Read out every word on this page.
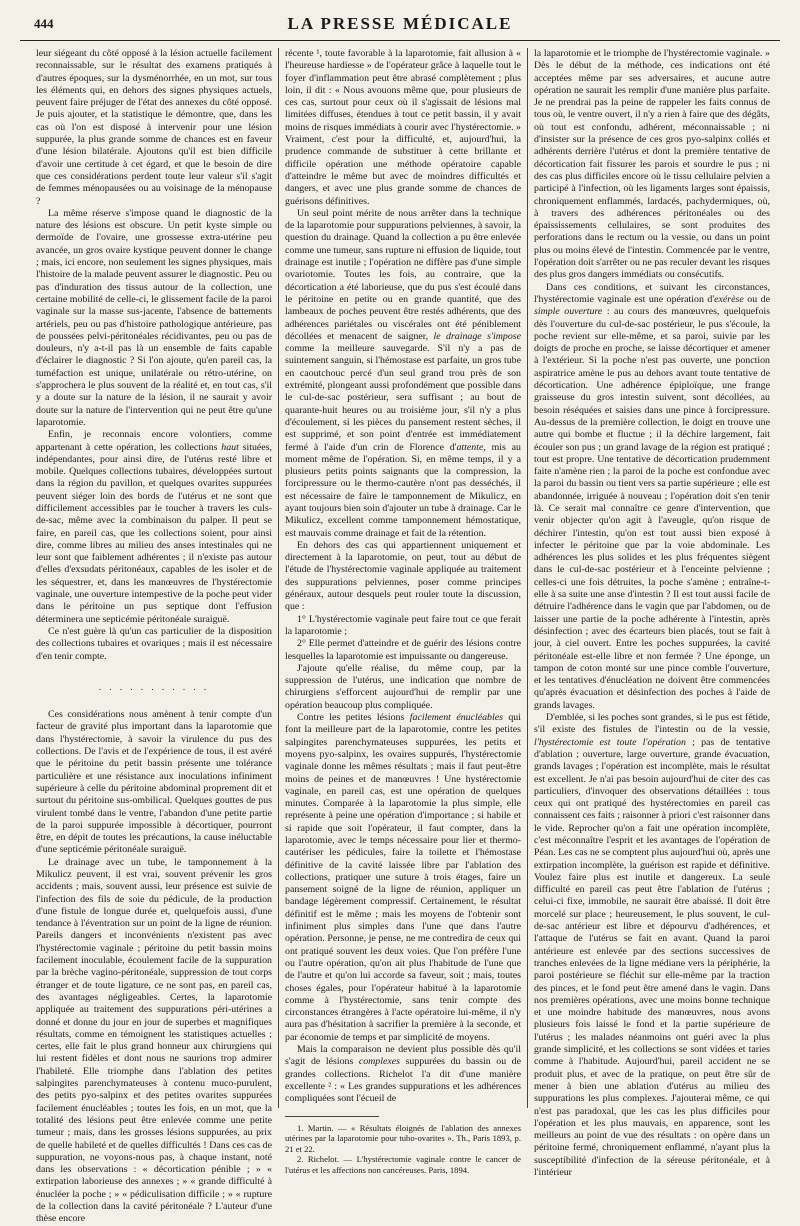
444	LA PRESSE MÉDICALE

leur siégeant du côté opposé à la lésion actuelle facilement reconnaissable, sur le résultat des examens pratiqués à d'autres époques, sur la dysménorrhée, en un mot, sur tous les éléments qui, en dehors des signes physiques actuels, peuvent faire préjuger de l'état des annexes du côté opposé. Je puis ajouter, et la statistique le démontre, que, dans les cas où l'on est disposé à intervenir pour une lésion suppurée, la plus grande somme de chances est en faveur d'une lésion bilatérale. Ajoutons qu'il est bien difficile d'avoir une certitude à cet égard, et que le besoin de dire que ces considérations perdent toute leur valeur s'il s'agit de femmes ménopausées ou au voisinage de la ménopause ?

La même réserve s'impose quand le diagnostic de la nature des lésions est obscure. Un petit kyste simple ou dermoïde de l'ovaire, une grossesse extra-utérine peu avancée, un gros ovaire kystique peuvent donner le change ; mais, ici encore, non seulement les signes physiques, mais l'histoire de la malade peuvent assurer le diagnostic. Peu ou pas d'induration des tissus autour de la collection, une certaine mobilité de celle-ci, le glissement facile de la paroi vaginale sur la masse sus-jacente, l'absence de battements artériels, peu ou pas d'histoire pathologique antérieure, pas de poussées pelvi-péritonéales récidivantes, peu ou pas de douleurs, n'y a-t-il pas là un ensemble de faits capable d'éclairer le diagnostic ? Si l'on ajoute, qu'en pareil cas, la tuméfaction est unique, unilatérale ou rétro-utérine, on s'approchera le plus souvent de la réalité et, en tout cas, s'il y a doute sur la nature de la lésion, il ne saurait y avoir doute sur la nature de l'intervention qui ne peut être qu'une laparotomie.

Enfin, je reconnais encore volontiers, comme appartenant à cette opération, les collections haut situées, indépendantes, pour ainsi dire, de l'utérus resté libre et mobile. Quelques collections tubaires, développées surtout dans la région du pavillon, et quelques ovarites suppurées peuvent siéger loin des bords de l'utérus et ne sont que difficilement accessibles par le toucher à travers les culs-de-sac, même avec la combinaison du palper. Il peut se faire, en pareil cas, que les collections soient, pour ainsi dire, comme libres au milieu des anses intestinales qui ne leur sont que faiblement adhérentes ; il n'existe pas autour d'elles d'exsudats péritonéaux, capables de les isoler et de les séquestrer, et, dans les manœuvres de l'hystérectomie vaginale, une ouverture intempestive de la poche peut vider dans le péritoine un pus septique dont l'effusion déterminera une septicémie péritonéale suraiguë.

Ce n'est guère là qu'un cas particulier de la disposition des collections tubaires et ovariques ; mais il est nécessaire d'en tenir compte.

. . . . . . . . . . .

Ces considérations nous amènent à tenir compte d'un facteur de gravité plus important dans la laparotomie que dans l'hystérectomie, à savoir la virulence du pus des collections. De l'avis et de l'expérience de tous, il est avéré que le péritoine du petit bassin présente une tolérance particulière et une résistance aux inoculations infiniment supérieure à celle du péritoine abdominal proprement dit et surtout du péritoine sus-ombilical. Quelques gouttes de pus virulent tombé dans le ventre, l'abandon d'une petite partie de la paroi suppurée impossible à décortiquer, pourront être, en dépit de toutes les précautions, la cause inéluctable d'une septicémie péritonéale suraiguë.

Le drainage avec un tube, le tamponnement à la Mikulicz peuvent, il est vrai, souvent prévenir les gros accidents ; mais, souvent aussi, leur présence est suivie de l'infection des fils de soie du pédicule, de la production d'une fistule de longue durée et, quelquefois aussi, d'une tendance à l'éventration sur un point de la ligne de réunion. Pareils dangers et inconvénients n'existent pas avec l'hystérectomie vaginale ; péritoine du petit bassin moins facilement inoculable, écoulement facile de la suppuration par la brèche vagino-péritonéale, suppression de tout corps étranger et de toute ligature, ce ne sont pas, en pareil cas, des avantages négligeables. Certes, la laparotomie appliquée au traitement des suppurations péri-utérines a donné et donne du jour en jour de superbes et magnifiques résultats, comme en témoignent les statistiques actuelles ; certes, elle fait le plus grand honneur aux chirurgiens qui lui restent fidèles et dont nous ne saurions trop admirer l'habileté. Elle triomphe dans l'ablation des petites salpingites parenchymateuses à contenu muco-purulent, des petits pyo-salpinx et des petites ovarites suppurées facilement énucléables ; toutes les fois, en un mot, que la totalité des lésions peut être enlevée comme une petite tumeur ; mais, dans les grosses lésions suppurées, au prix de quelle habileté et de quelles difficultés ! Dans ces cas de suppuration, ne voyons-nous pas, à chaque instant, noté dans les observations : « décortication pénible ; » « extirpation laborieuse des annexes ; » « grande difficulté à énucléer la poche ; » « pédiculisation difficile ; » « rupture de la collection dans la cavité péritonéale ? L'auteur d'une thèse encore

récente ¹, toute favorable à la laparotomie, fait allusion à « l'heureuse hardiesse » de l'opérateur grâce à laquelle tout le foyer d'inflammation peut être abrasé complètement ; plus loin, il dit : « Nous avouons même que, pour plusieurs de ces cas, surtout pour ceux où il s'agissait de lésions mal limitées diffuses, étendues à tout ce petit bassin, il y avait moins de risques immédiats à courir avec l'hystérectomie. » Vraiment, c'est pour la difficulté, et, aujourd'hui, la prudence commande de substituer à cette brillante et difficile opération une méthode opératoire capable d'atteindre le même but avec de moindres difficultés et dangers, et avec une plus grande somme de chances de guérisons définitives.

Un seul point mérite de nous arrêter dans la technique de la laparotomie pour suppurations pelviennes, à savoir, la question du drainage. Quand la collection a pu être enlevée comme une tumeur, sans rupture ni effusion de liquide, tout drainage est inutile ; l'opération ne diffère pas d'une simple ovariotomie. Toutes les fois, au contraire, que la décortication a été laborieuse, que du pus s'est écoulé dans le péritoine en petite ou en grande quantité, que des lambeaux de poches peuvent être restés adhérents, que des adhérences pariétales ou viscérales ont été péniblement décollées et menacent de saigner, le drainage s'impose comme la meilleure sauvegarde. S'il n'y a pas de suintement sanguin, si l'hémostase est parfaite, un gros tube en caoutchouc percé d'un seul grand trou près de son extrémité, plongeant aussi profondément que possible dans le cul-de-sac postérieur, sera suffisant ; au bout de quarante-huit heures ou au troisième jour, s'il n'y a plus d'écoulement, si les pièces du pansement restent sèches, il est supprimé, et son point d'entrée est immédiatement fermé à l'aide d'un crin de Florence d'attente, mis au moment même de l'opération. Si, en même temps, il y a plusieurs petits points saignants que la compression, la forcipressure ou le thermo-cautère n'ont pas desséchés, il est nécessaire de faire le tamponnement de Mikulicz, en ayant toujours bien soin d'ajouter un tube à drainage. Car le Mikulicz, excellent comme tamponnement hémostatique, est mauvais comme drainage et fait de la rétention.

En dehors des cas qui appartiennent uniquement et directement à la laparotomie, on peut, tout au début de l'étude de l'hystérectomie vaginale appliquée au traitement des suppurations pelviennes, poser comme principes généraux, autour desquels peut rouler toute la discussion, que :

1° L'hystérectomie vaginale peut faire tout ce que ferait la laparotomie ;

2° Elle permet d'atteindre et de guérir des lésions contre lesquelles la laparotomie est impuissante ou dangereuse.

J'ajoute qu'elle réalise, du même coup, par la suppression de l'utérus, une indication que nombre de chirurgiens s'efforcent aujourd'hui de remplir par une opération beaucoup plus compliquée.

Contre les petites lésions facilement énucléables qui font la meilleure part de la laparotomie, contre les petites salpingites parenchymateuses suppurées, les petits et moyens pyo-salpinx, les ovaires suppurés, l'hystérectomie vaginale donne les mêmes résultats ; mais il faut peut-être moins de peines et de manœuvres ! Une hystérectomie vaginale, en pareil cas, est une opération de quelques minutes. Comparée à la laparotomie la plus simple, elle représente à peine une opération d'importance ; si habile et si rapide que soit l'opérateur, il faut compter, dans la laparotomie, avec le temps nécessaire pour lier et thermo-cautériser les pédicules, faire la toilette et l'hémostase définitive de la cavité laissée libre par l'ablation des collections, pratiquer une suture à trois étages, faire un pansement soigné de la ligne de réunion, appliquer un bandage légèrement compressif. Certainement, le résultat définitif est le même ; mais les moyens de l'obtenir sont infiniment plus simples dans l'une que dans l'autre opération. Personne, je pense, ne me contredira de ceux qui ont pratiqué souvent les deux voies. Que l'on préfère l'une ou l'autre opération, qu'on ait plus l'habitude de l'une que de l'autre et qu'on lui accorde sa faveur, soit ; mais, toutes choses égales, pour l'opérateur habitué à la laparotomie comme à l'hystérectomie, sans tenir compte des circonstances étrangères à l'acte opératoire lui-même, il n'y aura pas d'hésitation à sacrifier la première à la seconde, et par économie de temps et par simplicité de moyens.

Mais la comparaison ne devient plus possible dès qu'il s'agit de lésions complexes suppurées du bassin ou de grandes collections. Richelot l'a dit d'une manière excellente ² : « Les grandes suppurations et les adhérences compliquées sont l'écueil de

1. Martin. — « Résultats éloignés de l'ablation des annexes utérines par la laparotomie pour tubo-ovarites ». Th., Paris 1893, p. 21 et 22.

2. Richelot. — L'hystérectomie vaginale contre le cancer de l'utérus et les affections non cancéreuses. Paris, 1894.

la laparotomie et le triomphe de l'hystérectomie vaginale. » Dès le début de la méthode, ces indications ont été acceptées même par ses adversaires, et aucune autre opération ne saurait les remplir d'une manière plus parfaite. Je ne prendrai pas la peine de rappeler les faits connus de tous où, le ventre ouvert, il n'y a rien à faire que des dégâts, où tout est confondu, adhérent, méconnaissable ; ni d'insister sur la présence de ces gros pyo-salpinx collés et adhérents derrière l'utérus et dont la première tentative de décortication fait fissurer les parois et sourdre le pus ; ni des cas plus difficiles encore où le tissu cellulaire pelvien a participé à l'infection, où les ligaments larges sont épaissis, chroniquement enflammés, lardacés, pachydermiques, où, à travers des adhérences péritonéales ou des épaississements cellulaires, se sont produites des perforations dans le rectum ou la vessie, ou dans un point plus ou moins élevé de l'intestin. Commencée par le ventre, l'opération doit s'arrêter ou ne pas reculer devant les risques des plus gros dangers immédiats ou consécutifs.

Dans ces conditions, et suivant les circonstances, l'hystérectomie vaginale est une opération d'exérèse ou de simple ouverture : au cours des manœuvres, quelquefois dès l'ouverture du cul-de-sac postérieur, le pus s'écoule, la poche revient sur elle-même, et sa paroi, suivie par les doigts de proche en proche, se laisse décortiquer et amener à l'extérieur. Si la poche n'est pas ouverte, une ponction aspiratrice amène le pus au dehors avant toute tentative de décortication. Une adhérence épiploïque, une frange graisseuse du gros intestin suivent, sont décollées, au besoin réséquées et saisies dans une pince à forcipressure. Au-dessus de la première collection, le doigt en trouve une autre qui bombe et fluctue ; il la déchire largement, fait écouler son pus ; un grand lavage de la région est pratiqué ; tout est propre. Une tentative de décortication prudemment faite n'amène rien ; la paroi de la poche est confondue avec la paroi du bassin ou tient vers sa partie supérieure ; elle est abandonnée, irriguée à nouveau ; l'opération doit s'en tenir là. Ce serait mal connaître ce genre d'intervention, que venir objecter qu'on agit à l'aveugle, qu'on risque de déchirer l'intestin, qu'on est tout aussi bien exposé à infecter le péritoine que par la voie abdominale. Les adhérences les plus solides et les plus fréquentes siègent dans le cul-de-sac postérieur et à l'enceinte pelvienne ; celles-ci une fois détruites, la poche s'amène ; entraîne-t-elle à sa suite une anse d'intestin ? Il est tout aussi facile de détruire l'adhérence dans le vagin que par l'abdomen, ou de laisser une partie de la poche adhérente à l'intestin, après désinfection ; avec des écarteurs bien placés, tout se fait à jour, à ciel ouvert. Entre les poches suppurées, la cavité péritonéale est-elle libre et non fermée ? Une éponge, un tampon de coton monté sur une pince comble l'ouverture, et les tentatives d'énucléation ne doivent être commencées qu'après évacuation et désinfection des poches à l'aide de grands lavages.

D'emblée, si les poches sont grandes, si le pus est fétide, s'il existe des fistules de l'intestin ou de la vessie, l'hystérectomie est toute l'opération ; pas de tentative d'ablation ; ouverture, large ouverture, grande évacuation, grands lavages ; l'opération est incomplète, mais le résultat est excellent. Je n'ai pas besoin aujourd'hui de citer des cas particuliers, d'invoquer des observations détaillées : tous ceux qui ont pratiqué des hystérectomies en pareil cas connaissent ces faits ; raisonner à priori c'est raisonner dans le vide. Reprocher qu'on a fait une opération incomplète, c'est méconnaître l'esprit et les avantages de l'opération de Péan. Les cas ne se comptent plus aujourd'hui où, après une extirpation incomplète, la guérison est rapide et définitive. Voulez faire plus est inutile et dangereux. La seule difficulté en pareil cas peut être l'ablation de l'utérus ; celui-ci fixe, immobile, ne saurait être abaissé. Il doit être morcelé sur place ; heureusement, le plus souvent, le cul-de-sac antérieur est libre et dépourvu d'adhérences, et l'attaque de l'utérus se fait en avant. Quand la paroi antérieure est enlevée par des sections successives de tranches enlevées de la ligne médiane vers la périphérie, la paroi postérieure se fléchit sur elle-même par la traction des pinces, et le fond peut être amené dans le vagin. Dans nos premières opérations, avec une moins bonne technique et une moindre habitude des manœuvres, nous avons plusieurs fois laissé le fond et la partie supérieure de l'utérus ; les malades néanmoins ont guéri avec la plus grande simplicité, et les collections se sont vidées et taries comme à l'habitude. Aujourd'hui, pareil accident ne se produit plus, et avec de la pratique, on peut être sûr de mener à bien une ablation d'utérus au milieu des suppurations les plus complexes. J'ajouterai même, ce qui n'est pas paradoxal, que les cas les plus difficiles pour l'opération et les plus mauvais, en apparence, sont les meilleurs au point de vue des résultats : on opère dans un péritoine fermé, chroniquement enflammé, n'ayant plus la susceptibilité d'infection de la séreuse péritonéale, et à l'intérieur
